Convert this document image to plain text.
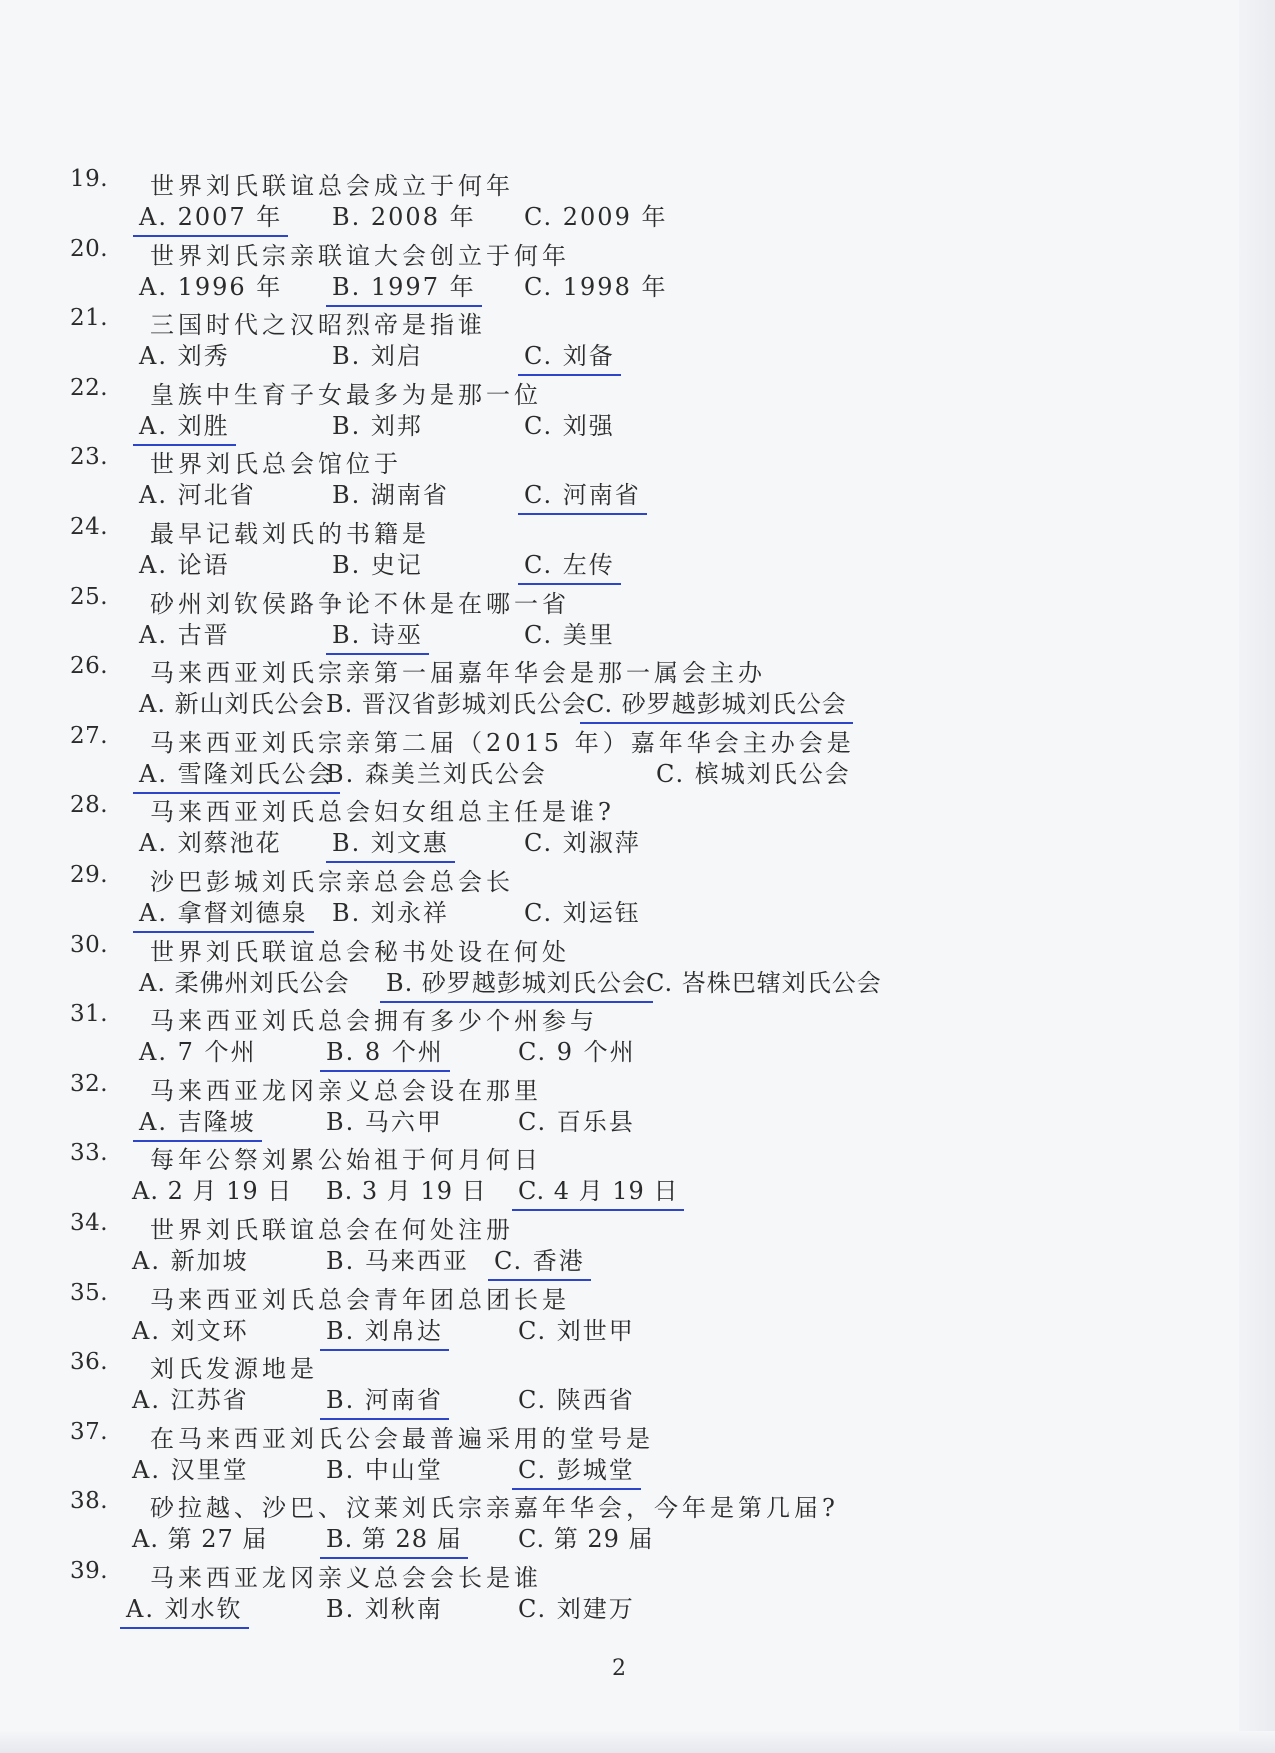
19. 世界刘氏联谊总会成立于何年
A. 2007 年 B. 2008 年 C. 2009 年
20. 世界刘氏宗亲联谊大会创立于何年
A. 1996 年 B. 1997 年 C. 1998 年
21. 三国时代之汉昭烈帝是指谁
A. 刘秀	B. 刘启	C. 刘备
22. 皇族中生育子女最多为是那一位
A. 刘胜	B. 刘邦	C. 刘强
23. 世界刘氏总会馆位于
A. 河北省	B. 湖南省	C. 河南省
24. 最早记载刘氏的书籍是
A. 论语	B. 史记	C. 左传
25. 砂州刘钦侯路争论不休是在哪一省
A. 古晋	B. 诗巫	C. 美里
26. 马来西亚刘氏宗亲第一届嘉年华会是那一属会主办
A. 新山刘氏公会 B. 晋汉省彭城刘氏公会 C. 砂罗越彭城刘氏公会
27. 马来西亚刘氏宗亲第二届（2015 年）嘉年华会主办会是
A. 雪隆刘氏公会
B. 森美兰刘氏公会	C. 槟城刘氏公会
28. 马来西亚刘氏总会妇女组总主任是谁?
A. 刘蔡池花 B. 刘文惠	C. 刘淑萍
29. 沙巴彭城刘氏宗亲总会总会长
A. 拿督刘德泉 B. 刘永祥	C. 刘运钰
30. 世界刘氏联谊总会秘书处设在何处
A. 柔佛州刘氏公会 B. 砂罗越彭城刘氏公会 C. 峇株巴辖刘氏公会
31. 马来西亚刘氏总会拥有多少个州参与
A. 7 个州	B. 8 个州	C. 9 个州
32. 马来西亚龙冈亲义总会设在那里
A. 吉隆坡	B. 马六甲	C. 百乐县
33. 每年公祭刘累公始祖于何月何日
A. 2 月 19 日 B. 3 月 19 日 C. 4 月 19 日
34. 世界刘氏联谊总会在何处注册
A. 新加坡	B. 马来西亚 C. 香港
35. 马来西亚刘氏总会青年团总团长是
A. 刘文环	B. 刘帛达	C. 刘世甲
36. 刘氏发源地是
A. 江苏省	B. 河南省	C. 陕西省
37. 在马来西亚刘氏公会最普遍采用的堂号是
A. 汉里堂	B. 中山堂	C. 彭城堂
38. 砂拉越、沙巴、汶莱刘氏宗亲嘉年华会，今年是第几届?
A. 第 27 届 B. 第 28 届 C. 第 29 届
39. 马来西亚龙冈亲义总会会长是谁
A. 刘水钦	B. 刘秋南	C. 刘建万
2
